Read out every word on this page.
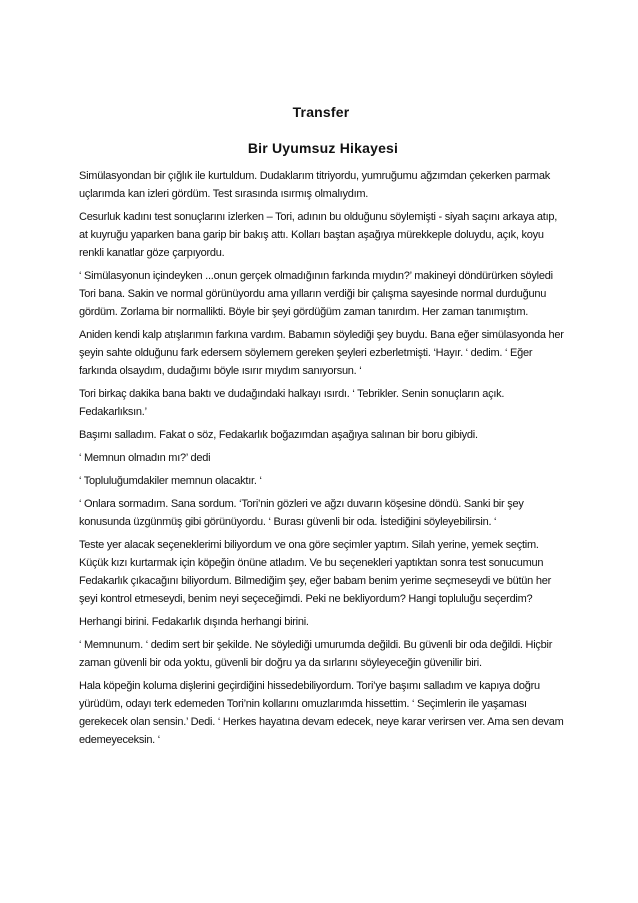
Transfer
Bir Uyumsuz Hikayesi

Simülasyondan bir çığlık ile kurtuldum. Dudaklarım titriyordu, yumruğumu ağzımdan çekerken parmak uçlarımda kan izleri gördüm. Test sırasında ısırmış olmalıydım.

Cesurluk kadını test sonuçlarını izlerken – Tori, adının bu olduğunu söylemişti - siyah saçını arkaya atıp, at kuyruğu yaparken bana garip bir bakış attı. Kolları baştan aşağıya mürekkeple doluydu, açık, koyu renkli kanatlar göze çarpıyordu.

‘ Simülasyonun içindeyken ...onun gerçek olmadığının farkında mıydın?’ makineyi döndürürken söyledi Tori bana. Sakin ve normal görünüyordu ama yılların verdiği bir çalışma sayesinde normal durduğunu gördüm. Zorlama bir normallikti. Böyle bir şeyi gördüğüm zaman tanırdım. Her zaman tanımıştım.

Aniden kendi kalp atışlarımın farkına vardım. Babamın söylediği şey buydu. Bana eğer simülasyonda her şeyin sahte olduğunu fark edersem söylemem gereken şeyleri ezberletmişti. ‘Hayır. ‘ dedim. ‘ Eğer farkında olsaydım, dudağımı böyle ısırır mıydım sanıyorsun. ‘

Tori birkaç dakika bana baktı ve dudağındaki halkayı ısırdı. ‘ Tebrikler. Senin sonuçların açık. Fedakarlıksın.’

Başımı salladım. Fakat o söz, Fedakarlık boğazımdan aşağıya salınan bir boru gibiydi.

‘ Memnun olmadın mı?’ dedi

‘ Topluluğumdakiler memnun olacaktır. ‘

‘ Onlara sormadım. Sana sordum. ‘Tori’nin gözleri ve ağzı duvarın köşesine döndü. Sanki bir şey konusunda üzgünmüş gibi görünüyordu. ‘ Burası güvenli bir oda. İstediğini söyleyebilirsin. ‘

Teste yer alacak seçeneklerimi biliyordum ve ona göre seçimler yaptım. Silah yerine, yemek seçtim. Küçük kızı kurtarmak için köpeğin önüne atladım. Ve bu seçenekleri yaptıktan sonra test sonucumun Fedakarlık çıkacağını biliyordum. Bilmediğim şey, eğer babam benim yerime seçmeseydi ve bütün her şeyi kontrol etmeseydi, benim neyi seçeceğimdi. Peki ne bekliyordum? Hangi topluluğu seçerdim?

Herhangi birini. Fedakarlık dışında herhangi birini.

‘ Memnunum. ‘ dedim sert bir şekilde. Ne söylediği umurumda değildi. Bu güvenli bir oda değildi. Hiçbir zaman güvenli bir oda yoktu, güvenli bir doğru ya da sırlarını söyleyeceğin güvenilir biri.

Hala köpeğin koluma dişlerini geçirdiğini hissedebiliyordum. Tori’ye başımı salladım ve kapıya doğru yürüdüm, odayı terk edemeden Tori’nin kollarını omuzlarımda hissettim. ‘ Seçimlerin ile yaşaması gerekecek olan sensin.’ Dedi. ‘ Herkes hayatına devam edecek, neye karar verirsen ver. Ama sen devam edemeyeceksin. ‘
